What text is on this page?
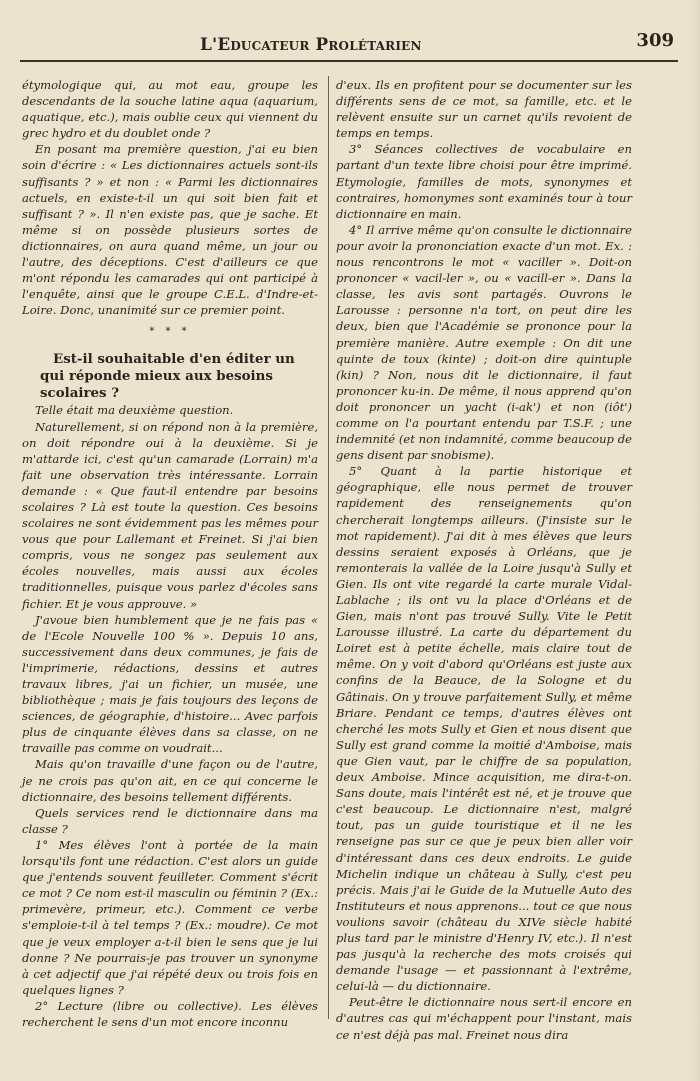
L'Educateur Prolétarien	309

étymologique qui, au mot eau, groupe les descendants de la souche latine aqua (aquarium, aquatique, etc.), mais oublie ceux qui viennent du grec hydro et du doublet onde ?

En posant ma première question, j'ai eu bien soin d'écrire : « Les dictionnaires actuels sont-ils suffisants ? » et non : « Parmi les dictionnaires actuels, en existe-t-il un qui soit bien fait et suffisant ? ». Il n'en existe pas, que je sache. Et même si on possède plusieurs sortes de dictionnaires, on aura quand même, un jour ou l'autre, des déceptions. C'est d'ailleurs ce que m'ont répondu les camarades qui ont participé à l'enquête, ainsi que le groupe C.E.L. d'Indre-et-Loire. Donc, unanimité sur ce premier point.

* * *

Est-il souhaitable d'en éditer un qui réponde mieux aux besoins scolaires ?

Telle était ma deuxième question.

Naturellement, si on répond non à la première, on doit répondre oui à la deuxième. Si je m'attarde ici, c'est qu'un camarade (Lorrain) m'a fait une observation très intéressante. Lorrain demande : « Que faut-il entendre par besoins scolaires ? Là est toute la question. Ces besoins scolaires ne sont évidemment pas les mêmes pour vous que pour Lallemant et Freinet. Si j'ai bien compris, vous ne songez pas seulement aux écoles nouvelles, mais aussi aux écoles traditionnelles, puisque vous parlez d'écoles sans fichier. Et je vous approuve. »

J'avoue bien humblement que je ne fais pas « de l'Ecole Nouvelle 100 % ». Depuis 10 ans, successivement dans deux communes, je fais de l'imprimerie, rédactions, dessins et autres travaux libres, j'ai un fichier, un musée, une bibliothèque ; mais je fais toujours des leçons de sciences, de géographie, d'histoire... Avec parfois plus de cinquante élèves dans sa classe, on ne travaille pas comme on voudrait...

Mais qu'on travaille d'une façon ou de l'autre, je ne crois pas qu'on ait, en ce qui concerne le dictionnaire, des besoins tellement différents.

Quels services rend le dictionnaire dans ma classe ?

1° Mes élèves l'ont à portée de la main lorsqu'ils font une rédaction. C'est alors un guide que j'entends souvent feuilleter. Comment s'écrit ce mot ? Ce nom est-il masculin ou féminin ? (Ex.: primevère, primeur, etc.). Comment ce verbe s'emploie-t-il à tel temps ? (Ex.: moudre). Ce mot que je veux employer a-t-il bien le sens que je lui donne ? Ne pourrais-je pas trouver un synonyme à cet adjectif que j'ai répété deux ou trois fois en quelques lignes ?

2° Lecture (libre ou collective). Les élèves recherchent le sens d'un mot encore inconnu

d'eux. Ils en profitent pour se documenter sur les différents sens de ce mot, sa famille, etc. et le relèvent ensuite sur un carnet qu'ils revoient de temps en temps.

3° Séances collectives de vocabulaire en partant d'un texte libre choisi pour être imprimé. Etymologie, familles de mots, synonymes et contraires, homonymes sont examinés tour à tour dictionnaire en main.

4° Il arrive même qu'on consulte le dictionnaire pour avoir la prononciation exacte d'un mot. Ex. : nous rencontrons le mot « vaciller ». Doit-on prononcer « vacil-ler », ou « vacill-er ». Dans la classe, les avis sont partagés. Ouvrons le Larousse : personne n'a tort, on peut dire les deux, bien que l'Académie se prononce pour la première manière. Autre exemple : On dit une quinte de toux (kinte) ; doit-on dire quintuple (kin) ? Non, nous dit le dictionnaire, il faut prononcer ku-in. De même, il nous apprend qu'on doit prononcer un yacht (i-ak') et non (iôt') comme on l'a pourtant entendu par T.S.F. ; une indemnité (et non indamnité, comme beaucoup de gens disent par snobisme).

5° Quant à la partie historique et géographique, elle nous permet de trouver rapidement des renseignements qu'on chercherait longtemps ailleurs. (J'insiste sur le mot rapidement). J'ai dit à mes élèves que leurs dessins seraient exposés à Orléans, que je remonterais la vallée de la Loire jusqu'à Sully et Gien. Ils ont vite regardé la carte murale Vidal-Lablache ; ils ont vu la place d'Orléans et de Gien, mais n'ont pas trouvé Sully. Vite le Petit Larousse illustré. La carte du département du Loiret est à petite échelle, mais claire tout de même. On y voit d'abord qu'Orléans est juste aux confins de la Beauce, de la Sologne et du Gâtinais. On y trouve parfaitement Sully, et même Briare. Pendant ce temps, d'autres élèves ont cherché les mots Sully et Gien et nous disent que Sully est grand comme la moitié d'Amboise, mais que Gien vaut, par le chiffre de sa population, deux Amboise. Mince acquisition, me dira-t-on. Sans doute, mais l'intérêt est né, et je trouve que c'est beaucoup. Le dictionnaire n'est, malgré tout, pas un guide touristique et il ne les renseigne pas sur ce que je peux bien aller voir d'intéressant dans ces deux endroits. Le guide Michelin indique un château à Sully, c'est peu précis. Mais j'ai le Guide de la Mutuelle Auto des Instituteurs et nous apprenons... tout ce que nous voulions savoir (château du XIVe siècle habité plus tard par le ministre d'Henry IV, etc.). Il n'est pas jusqu'à la recherche des mots croisés qui demande l'usage — et passionnant à l'extrême, celui-là — du dictionnaire.

Peut-être le dictionnaire nous sert-il encore en d'autres cas qui m'échappent pour l'instant, mais ce n'est déjà pas mal. Freinet nous dira
